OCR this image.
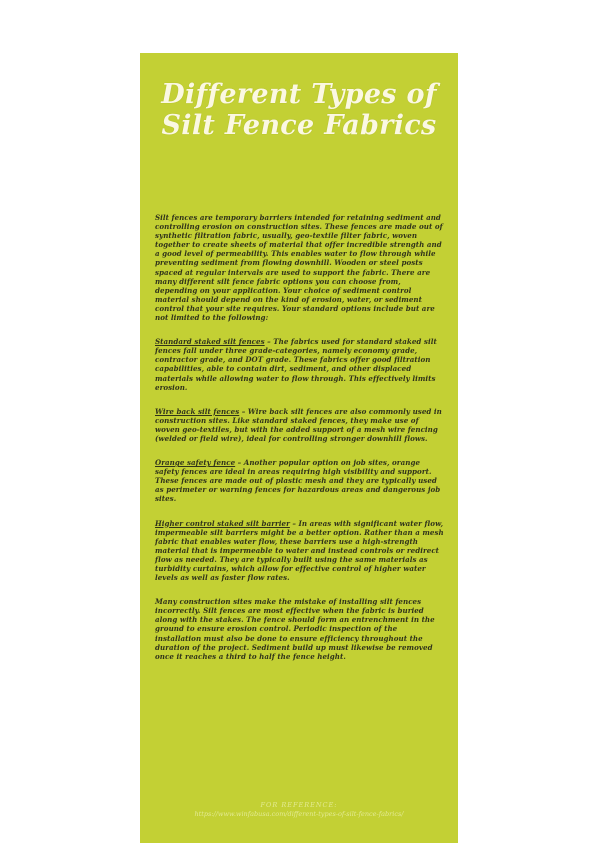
Different Types of Silt Fence Fabrics

Silt fences are temporary barriers intended for retaining sediment and controlling erosion on construction sites. These fences are made out of synthetic filtration fabric, usually, geo-textile filter fabric, woven together to create sheets of material that offer incredible strength and a good level of permeability. This enables water to flow through while preventing sediment from flowing downhill. Wooden or steel posts spaced at regular intervals are used to support the fabric. There are many different silt fence fabric options you can choose from, depending on your application. Your choice of sediment control material should depend on the kind of erosion, water, or sediment control that your site requires. Your standard options include but are not limited to the following:

Standard staked silt fences – The fabrics used for standard staked silt fences fall under three grade-categories, namely economy grade, contractor grade, and DOT grade. These fabrics offer good filtration capabilities, able to contain dirt, sediment, and other displaced materials while allowing water to flow through. This effectively limits erosion.

Wire back silt fences – Wire back silt fences are also commonly used in construction sites. Like standard staked fences, they make use of woven geo-textiles, but with the added support of a mesh wire fencing (welded or field wire), ideal for controlling stronger downhill flows.

Orange safety fence – Another popular option on job sites, orange safety fences are ideal in areas requiring high visibility and support. These fences are made out of plastic mesh and they are typically used as perimeter or warning fences for hazardous areas and dangerous job sites.

Higher control staked silt barrier – In areas with significant water flow, impermeable silt barriers might be a better option. Rather than a mesh fabric that enables water flow, these barriers use a high-strength material that is impermeable to water and instead controls or redirect flow as needed. They are typically built using the same materials as turbidity curtains, which allow for effective control of higher water levels as well as faster flow rates.

Many construction sites make the mistake of installing silt fences incorrectly. Silt fences are most effective when the fabric is buried along with the stakes. The fence should form an entrenchment in the ground to ensure erosion control. Periodic inspection of the installation must also be done to ensure efficiency throughout the duration of the project. Sediment build up must likewise be removed once it reaches a third to half the fence height.

FOR REFERENCE:
https://www.winfabusa.com/different-types-of-silt-fence-fabrics/
